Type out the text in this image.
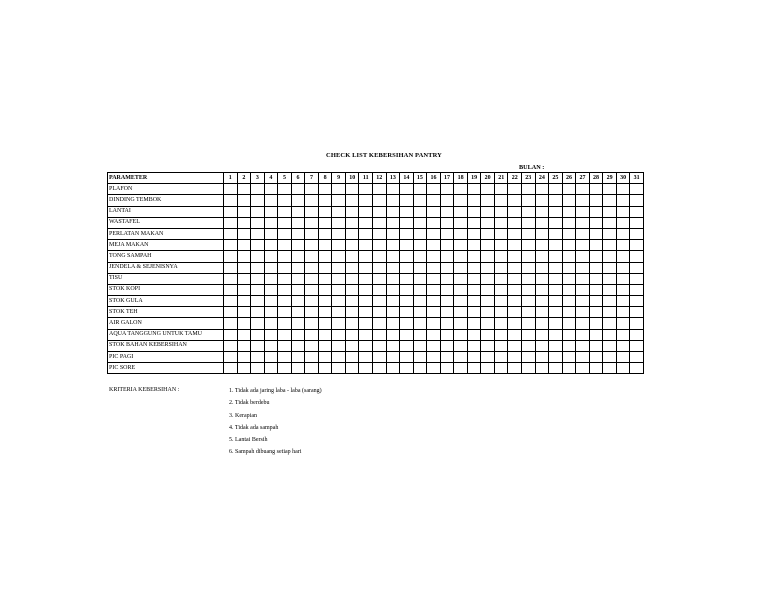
CHECK LIST KEBERSIHAN PANTRY
BULAN :
PARAMETER	1	2	3	4	5	6	7	8	9	10	11	12	13	14	15	16	17	18	19	20	21	22	23	24	25	26	27	28	29	30	31
PLAFON																															
DINDING TEMBOK																															
LANTAI																															
WASTAFEL																															
PERLATAN MAKAN																															
MEJA MAKAN																															
TONG SAMPAH																															
JENDELA & SEJENISNYA																															
TISU																															
STOK KOPI																															
STOK GULA																															
STOK TEH																															
AIR GALON																															
AQUA TANGGUNG UNTUK TAMU																															
STOK BAHAN KEBERSIHAN																															
PIC PAGI																															
PIC SORE																															
KRITERIA KEBERSIHAN :	1. Tidak ada jaring laba - laba (sarang)
2. Tidak berdebu
3. Kerapian
4. Tidak ada sampah
5. Lantai Bersih
6. Sampah dibuang setiap hari
